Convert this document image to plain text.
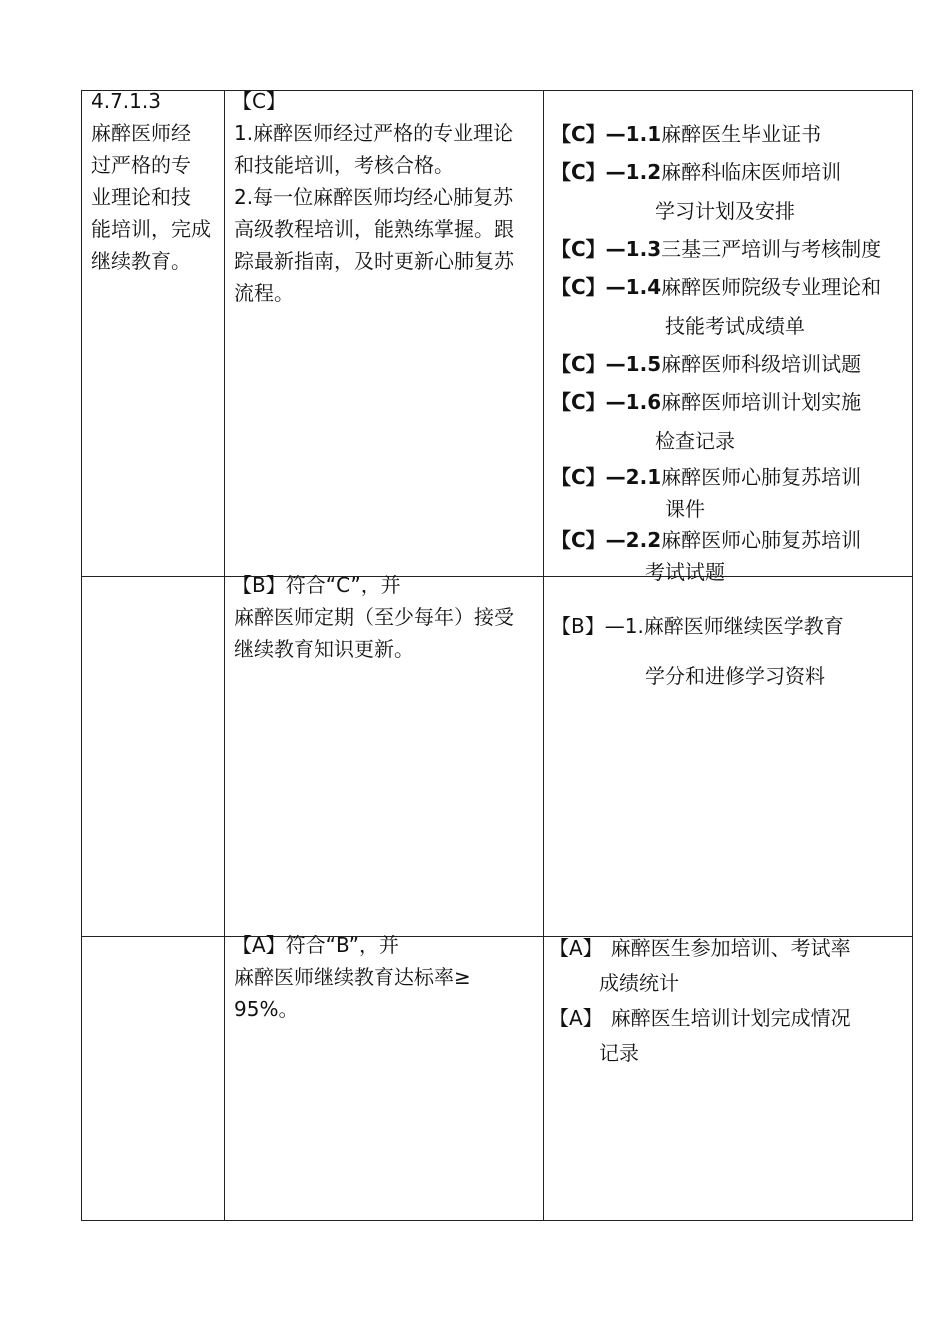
4.7.1.3
麻醉医师经
过严格的专
业理论和技
能培训，完成
继续教育。
【C】
1.麻醉医师经过严格的专业理论
和技能培训，考核合格。
2.每一位麻醉医师均经心肺复苏
高级教程培训，能熟练掌握。跟
踪最新指南，及时更新心肺复苏
流程。
【C】—1.1麻醉医生毕业证书
【C】—1.2麻醉科临床医师培训
学习计划及安排
【C】—1.3三基三严培训与考核制度
【C】—1.4麻醉医师院级专业理论和
技能考试成绩单
【C】—1.5麻醉医师科级培训试题
【C】—1.6麻醉医师培训计划实施
检查记录
【C】—2.1麻醉医师心肺复苏培训
课件
【C】—2.2麻醉医师心肺复苏培训
考试试题
【B】符合“C”，并
麻醉医师定期（至少每年）接受
继续教育知识更新。
【B】—1.麻醉医师继续医学教育
学分和进修学习资料
【A】符合“B”，并
麻醉医师继续教育达标率≥
95%。
【A】 麻醉医生参加培训、考试率
成绩统计
【A】 麻醉医生培训计划完成情况
记录
